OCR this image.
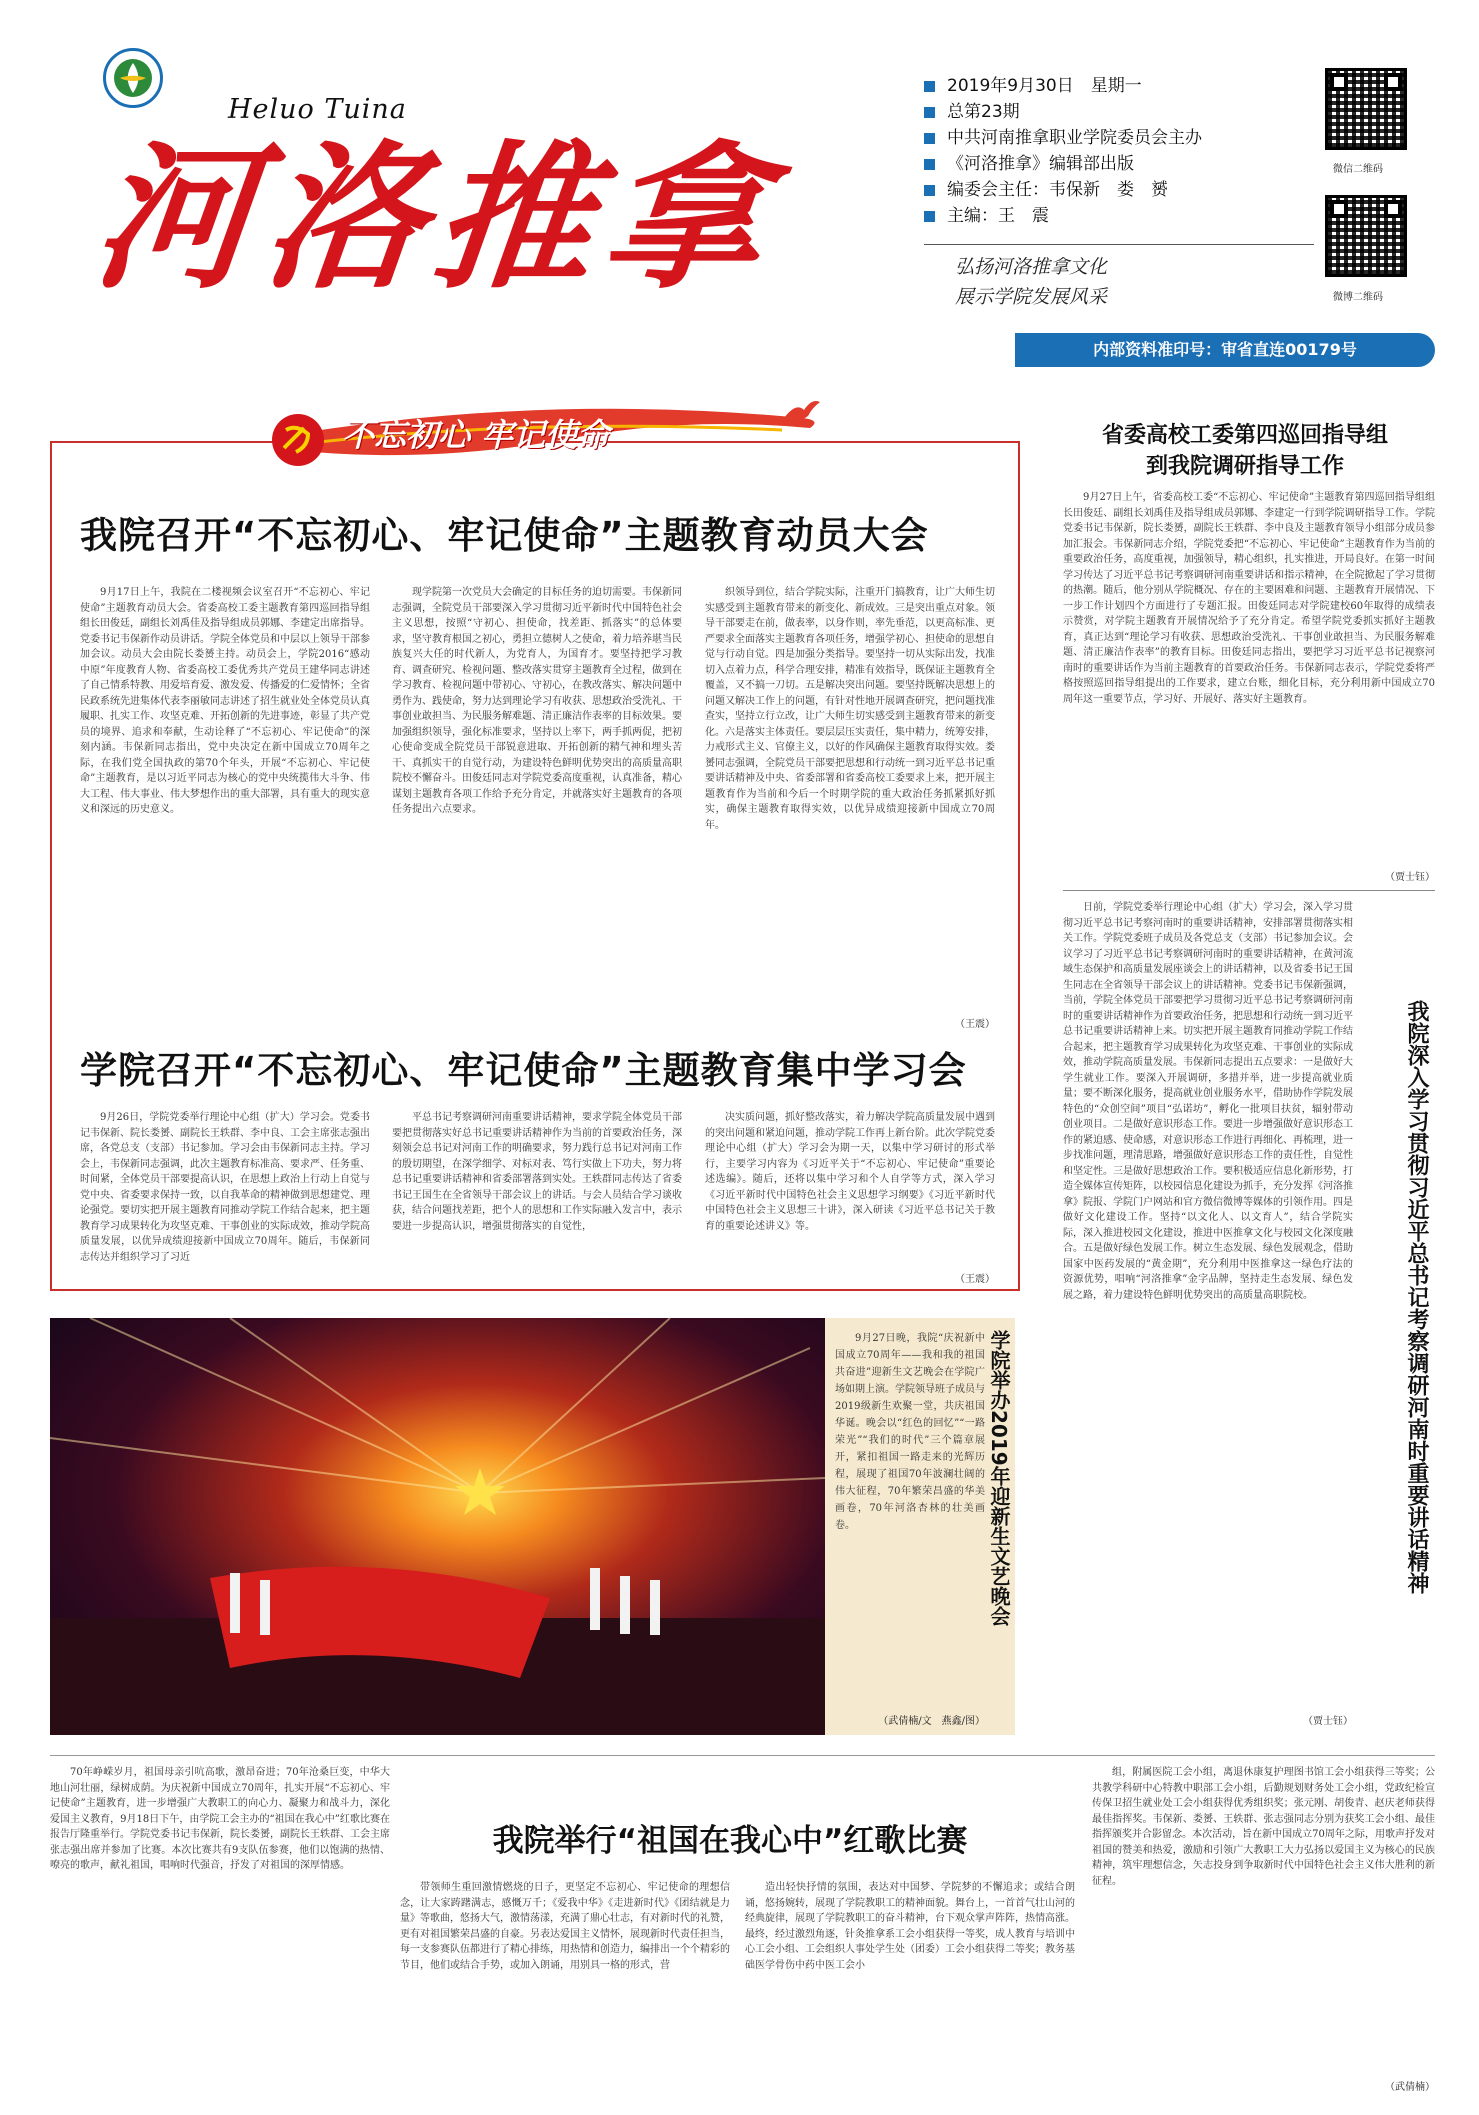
Heluo Tuina
河洛推拿
2019年9月30日　星期一
总第23期
中共河南推拿职业学院委员会主办
《河洛推拿》编辑部出版
编委会主任：韦保新　娄　赟
主编：王　震
弘扬河洛推拿文化
展示学院发展风采
微信二维码
微博二维码
内部资料准印号：审省直连00179号
不忘初心 牢记使命
我院召开“不忘初心、牢记使命”主题教育动员大会

9月17日上午，我院在二楼视频会议室召开“不忘初心、牢记使命”主题教育动员大会。省委高校工委主题教育第四巡回指导组组长田俊廷，副组长刘禹佳及指导组成员郭娜、李建定出席指导。党委书记韦保新作动员讲话。学院全体党员和中层以上领导干部参加会议。动员大会由院长娄赟主持。动员会上，学院2016“感动中原”年度教育人物、省委高校工委优秀共产党员王建华同志讲述了自己情系特教、用爱培育爱、激发爱、传播爱的仁爱情怀；全省民政系统先进集体代表李丽敏同志讲述了招生就业处全体党员认真履职、扎实工作、攻坚克难、开拓创新的先进事迹，彰显了共产党员的境界、追求和奉献，生动诠释了“不忘初心、牢记使命”的深刻内涵。韦保新同志指出，党中央决定在新中国成立70周年之际，在我们党全国执政的第70个年头，开展“不忘初心、牢记使命”主题教育，是以习近平同志为核心的党中央统揽伟大斗争、伟大工程、伟大事业、伟大梦想作出的重大部署，具有重大的现实意义和深远的历史意义。

现学院第一次党员大会确定的目标任务的迫切需要。韦保新同志强调，全院党员干部要深入学习贯彻习近平新时代中国特色社会主义思想，按照“守初心、担使命，找差距、抓落实”的总体要求，坚守教育根国之初心，勇担立德树人之使命，着力培养堪当民族复兴大任的时代新人，为党育人，为国育才。要坚持把学习教育、调查研究、检视问题、整改落实贯穿主题教育全过程，做到在学习教育、检视问题中带初心、守初心，在教改落实、解决问题中勇作为、践使命，努力达到理论学习有收获、思想政治受洗礼、干事创业敢担当、为民服务解难题、清正廉洁作表率的目标效果。要加强组织领导，强化标准要求，坚持以上率下，两手抓两促，把初心使命变成全院党员干部锐意进取、开拓创新的精气神和埋头苦干、真抓实干的自觉行动，为建设特色鲜明优势突出的高质量高职院校不懈奋斗。田俊廷同志对学院党委高度重视，认真准备，精心谋划主题教育各项工作给予充分肯定，并就落实好主题教育的各项任务提出六点要求。

织领导到位，结合学院实际，注重开门搞教育，让广大师生切实感受到主题教育带来的新变化、新成效。三是突出重点对象。领导干部要走在前，做表率，以身作则，率先垂范，以更高标准、更严要求全面落实主题教育各项任务，增强学初心、担使命的思想自觉与行动自觉。四是加强分类指导。要坚持一切从实际出发，找准切入点着力点，科学合理安排，精准有效指导，既保证主题教育全覆盖，又不搞一刀切。五是解决突出问题。要坚持既解决思想上的问题又解决工作上的问题，有针对性地开展调查研究，把问题找准查实，坚持立行立改，让广大师生切实感受到主题教育带来的新变化。六是落实主体责任。要层层压实责任，集中精力，统筹安排，力戒形式主义、官僚主义，以好的作风确保主题教育取得实效。娄赟同志强调，全院党员干部要把思想和行动统一到习近平总书记重要讲话精神及中央、省委部署和省委高校工委要求上来，把开展主题教育作为当前和今后一个时期学院的重大政治任务抓紧抓好抓实，确保主题教育取得实效，以优异成绩迎接新中国成立70周年。

（王震）
学院召开“不忘初心、牢记使命”主题教育集中学习会

9月26日，学院党委举行理论中心组（扩大）学习会。党委书记韦保新、院长娄赟、副院长王轶群、李中良、工会主席张志强出席，各党总支（支部）书记参加。学习会由韦保新同志主持。学习会上，韦保新同志强调，此次主题教育标准高、要求严、任务重、时间紧，全体党员干部要提高认识，在思想上政治上行动上自觉与党中央、省委要求保持一致，以自我革命的精神做到思想建党、理论强党。要切实把开展主题教育同推动学院工作结合起来，把主题教育学习成果转化为攻坚克难、干事创业的实际成效，推动学院高质量发展，以优异成绩迎接新中国成立70周年。随后，韦保新同志传达并组织学习了习近

平总书记考察调研河南重要讲话精神，要求学院全体党员干部要把贯彻落实好总书记重要讲话精神作为当前的首要政治任务，深刻领会总书记对河南工作的明确要求，努力践行总书记对河南工作的殷切期望，在深学细学、对标对表、笃行实做上下功夫，努力将总书记重要讲话精神和省委部署落到实处。王轶群同志传达了省委书记王国生在全省领导干部会议上的讲话。与会人员结合学习谈收获，结合问题找差距，把个人的思想和工作实际融入发言中，表示要进一步提高认识，增强贯彻落实的自觉性，

决实质问题，抓好整改落实，着力解决学院高质量发展中遇到的突出问题和紧迫问题，推动学院工作再上新台阶。此次学院党委理论中心组（扩大）学习会为期一天，以集中学习研讨的形式举行，主要学习内容为《习近平关于“不忘初心、牢记使命”重要论述选编》。随后，还将以集中学习和个人自学等方式，深入学习《习近平新时代中国特色社会主义思想学习纲要》《习近平新时代中国特色社会主义思想三十讲》，深入研读《习近平总书记关于教育的重要论述讲义》等。

（王震）
省委高校工委第四巡回指导组
到我院调研指导工作

9月27日上午，省委高校工委“不忘初心、牢记使命”主题教育第四巡回指导组组长田俊廷、副组长刘禹佳及指导组成员郭娜、李建定一行到学院调研指导工作。学院党委书记韦保新，院长娄赟，副院长王轶群、李中良及主题教育领导小组部分成员参加汇报会。韦保新同志介绍，学院党委把“不忘初心、牢记使命”主题教育作为当前的重要政治任务，高度重视，加强领导，精心组织，扎实推进，开局良好。在第一时间学习传达了习近平总书记考察调研河南重要讲话和指示精神，在全院掀起了学习贯彻的热潮。随后，他分别从学院概况、存在的主要困难和问题、主题教育开展情况、下一步工作计划四个方面进行了专题汇报。田俊廷同志对学院建校60年取得的成绩表示赞赏，对学院主题教育开展情况给予了充分肯定。希望学院党委抓实抓好主题教育，真正达到“理论学习有收获、思想政治受洗礼、干事创业敢担当、为民服务解难题、清正廉洁作表率”的教育目标。田俊廷同志指出，要把学习习近平总书记视察河南时的重要讲话作为当前主题教育的首要政治任务。韦保新同志表示，学院党委将严格按照巡回指导组提出的工作要求，建立台账，细化目标，充分利用新中国成立70周年这一重要节点，学习好、开展好、落实好主题教育。

（贾士钰）

日前，学院党委举行理论中心组（扩大）学习会，深入学习贯彻习近平总书记考察河南时的重要讲话精神，安排部署贯彻落实相关工作。学院党委班子成员及各党总支（支部）书记参加会议。会议学习了习近平总书记考察调研河南时的重要讲话精神，在黄河流域生态保护和高质量发展座谈会上的讲话精神，以及省委书记王国生同志在全省领导干部会议上的讲话精神。党委书记韦保新强调，当前，学院全体党员干部要把学习贯彻习近平总书记考察调研河南时的重要讲话精神作为首要政治任务，把思想和行动统一到习近平总书记重要讲话精神上来。切实把开展主题教育同推动学院工作结合起来，把主题教育学习成果转化为攻坚克难、干事创业的实际成效，推动学院高质量发展。韦保新同志提出五点要求：一是做好大学生就业工作。要深入开展调研，多措并举，进一步提高就业质量；要不断深化服务，提高就业创业服务水平，借助协作学院发展特色的“众创空间”项目“弘诺坊”，孵化一批项目扶贫，辐射带动创业项目。二是做好意识形态工作。要进一步增强做好意识形态工作的紧迫感、使命感，对意识形态工作进行再细化、再梳理，进一步找准问题，理清思路，增强做好意识形态工作的责任性，自觉性和坚定性。三是做好思想政治工作。要积极适应信息化新形势，打造全媒体宣传矩阵，以校园信息化建设为抓手，充分发挥《河洛推拿》院报、学院门户网站和官方微信微博等媒体的引领作用。四是做好文化建设工作。坚持“以文化人、以文育人”，结合学院实际，深入推进校园文化建设，推进中医推拿文化与校园文化深度融合。五是做好绿色发展工作。树立生态发展、绿色发展观念，借助国家中医药发展的“黄金期”，充分利用中医推拿这一绿色疗法的资源优势，唱响“河洛推拿”金字品牌，坚持走生态发展、绿色发展之路，着力建设特色鲜明优势突出的高质量高职院校。	我院深入学习贯彻习近平总书记考察调研河南时重要讲话精神
（贾士钰）

9月27日晚，我院“庆祝新中国成立70周年——我和我的祖国共奋进”迎新生文艺晚会在学院广场如期上演。学院领导班子成员与2019级新生欢聚一堂，共庆祖国华诞。晚会以“红色的回忆”“一路荣光”“我们的时代”三个篇章展开，紧扣祖国一路走来的光辉历程，展现了祖国70年波澜壮阔的伟大征程，70年繁荣昌盛的华美画卷，70年河洛杏林的壮美画卷。

（武倩楠/文　燕鑫/图）
学院举办2019年迎新生文艺晚会
我院举行“祖国在我心中”红歌比赛

70年峥嵘岁月，祖国母亲引吭高歌，激昂奋进；70年沧桑巨变，中华大地山河壮丽，绿树成荫。为庆祝新中国成立70周年，扎实开展“不忘初心、牢记使命”主题教育，进一步增强广大教职工的向心力、凝聚力和战斗力，深化爱国主义教育，9月18日下午，由学院工会主办的“祖国在我心中”红歌比赛在报告厅隆重举行。学院党委书记韦保新，院长娄赟，副院长王轶群、工会主席张志强出席并参加了比赛。本次比赛共有9支队伍参赛，他们以饱满的热情、嘹亮的歌声，献礼祖国，唱响时代强音，抒发了对祖国的深厚情感。

带领师生重回激情燃烧的日子，更坚定不忘初心、牢记使命的理想信念，让大家踌躇满志，感慨万千；《爱我中华》《走进新时代》《团结就是力量》等歌曲，悠扬大气，激情荡漾，充满了鼎心壮志，有对新时代的礼赞，更有对祖国繁荣昌盛的自豪。另表达爱国主义情怀，展现新时代责任担当，每一支参赛队伍都进行了精心排练，用热情和创造力，编排出一个个精彩的节目，他们或结合手势，或加入朗诵，用别具一格的形式，营

造出轻快抒情的氛围，表达对中国梦、学院梦的不懈追求；或结合朗诵，悠扬婉转，展现了学院教职工的精神面貌。舞台上，一首首气壮山河的经典旋律，展现了学院教职工的奋斗精神，台下观众掌声阵阵，热情高涨。最终，经过激烈角逐，针灸推拿系工会小组获得一等奖，成人教育与培训中心工会小组、工会组织人事处学生处（团委）工会小组获得二等奖；教务基础医学骨伤中药中医工会小

组，附属医院工会小组，离退休康复护理图书馆工会小组获得三等奖；公共教学科研中心特教中职部工会小组，后勤规划财务处工会小组，党政纪检宣传保卫招生就业处工会小组获得优秀组织奖；张元刚、胡俊青、赵庆老师获得最佳指挥奖。韦保新、娄赟、王轶群、张志强同志分别为获奖工会小组、最佳指挥颁奖并合影留念。本次活动，旨在新中国成立70周年之际，用歌声抒发对祖国的赞美和热爱，激励和引领广大教职工大力弘扬以爱国主义为核心的民族精神，筑牢理想信念，矢志投身到争取新时代中国特色社会主义伟大胜利的新征程。

（武倩楠）
